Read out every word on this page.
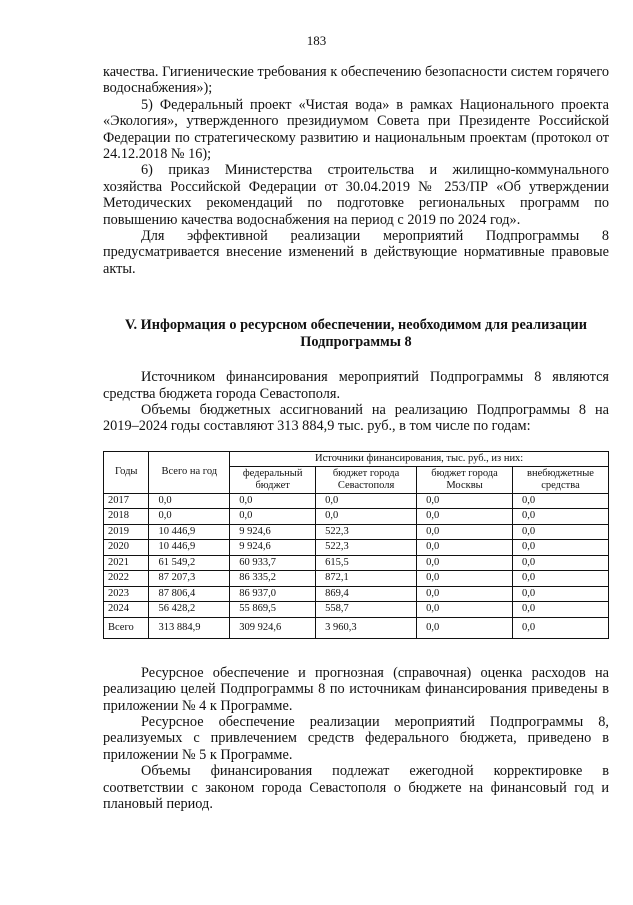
183

качества. Гигиенические требования к обеспечению безопасности систем горячего водоснабжения»);

5) Федеральный проект «Чистая вода» в рамках Национального проекта «Экология», утвержденного президиумом Совета при Президенте Российской Федерации по стратегическому развитию и национальным проектам (протокол от 24.12.2018 № 16);

6) приказ Министерства строительства и жилищно-коммунального хозяйства Российской Федерации от 30.04.2019 № 253/ПР «Об утверждении Методических рекомендаций по подготовке региональных программ по повышению качества водоснабжения на период с 2019 по 2024 год».

Для эффективной реализации мероприятий Подпрограммы 8 предусматривается внесение изменений в действующие нормативные правовые акты.

V. Информация о ресурсном обеспечении, необходимом для реализации Подпрограммы 8

Источником финансирования мероприятий Подпрограммы 8 являются средства бюджета города Севастополя.

Объемы бюджетных ассигнований на реализацию Подпрограммы 8 на 2019–2024 годы составляют 313 884,9 тыс. руб., в том числе по годам:

Годы	Всего на год	Источники финансирования, тыс. руб., из них:			
		федеральный бюджет	бюджет города Севастополя	бюджет города Москвы	внебюджетные средства
2017	0,0	0,0	0,0	0,0	0,0
2018	0,0	0,0	0,0	0,0	0,0
2019	10 446,9	9 924,6	522,3	0,0	0,0
2020	10 446,9	9 924,6	522,3	0,0	0,0
2021	61 549,2	60 933,7	615,5	0,0	0,0
2022	87 207,3	86 335,2	872,1	0,0	0,0
2023	87 806,4	86 937,0	869,4	0,0	0,0
2024	56 428,2	55 869,5	558,7	0,0	0,0
Всего	313 884,9	309 924,6	3 960,3	0,0	0,0

Ресурсное обеспечение и прогнозная (справочная) оценка расходов на реализацию целей Подпрограммы 8 по источникам финансирования приведены в приложении № 4 к Программе.

Ресурсное обеспечение реализации мероприятий Подпрограммы 8, реализуемых с привлечением средств федерального бюджета, приведено в приложении № 5 к Программе.

Объемы финансирования подлежат ежегодной корректировке в соответствии с законом города Севастополя о бюджете на финансовый год и плановый период.
